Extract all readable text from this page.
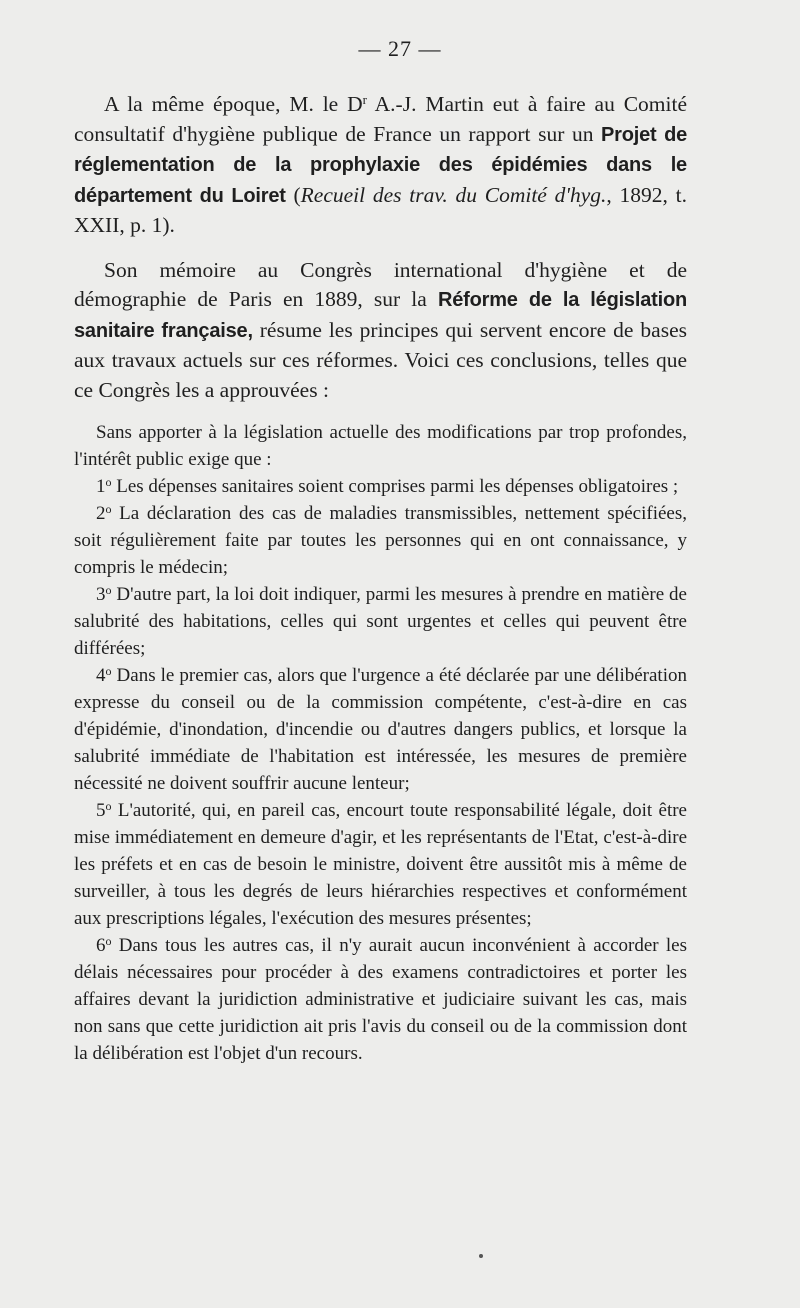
— 27 —

A la même époque, M. le $D^r$ A.-J. Martin eut à faire au Comité consultatif d'hygiène publique de France un rapport sur un Projet de réglementation de la prophylaxie des épidémies dans le département du Loiret (Recueil des trav. du Comité d'hyg., 1892, t. XXII, p. 1).

Son mémoire au Congrès international d'hygiène et de démographie de Paris en 1889, sur la Réforme de la législation sanitaire française, résume les principes qui servent encore de bases aux travaux actuels sur ces réformes. Voici ces conclusions, telles que ce Congrès les a approuvées :

Sans apporter à la législation actuelle des modifications par trop profondes, l'intérêt public exige que :

1$^o$ Les dépenses sanitaires soient comprises parmi les dépenses obligatoires ;

2$^o$ La déclaration des cas de maladies transmissibles, nettement spécifiées, soit régulièrement faite par toutes les personnes qui en ont connaissance, y compris le médecin;

3$^o$ D'autre part, la loi doit indiquer, parmi les mesures à prendre en matière de salubrité des habitations, celles qui sont urgentes et celles qui peuvent être différées;

4$^o$ Dans le premier cas, alors que l'urgence a été déclarée par une délibération expresse du conseil ou de la commission compétente, c'est-à-dire en cas d'épidémie, d'inondation, d'incendie ou d'autres dangers publics, et lorsque la salubrité immédiate de l'habitation est intéressée, les mesures de première nécessité ne doivent souffrir aucune lenteur;

5$^o$ L'autorité, qui, en pareil cas, encourt toute responsabilité légale, doit être mise immédiatement en demeure d'agir, et les représentants de l'Etat, c'est-à-dire les préfets et en cas de besoin le ministre, doivent être aussitôt mis à même de surveiller, à tous les degrés de leurs hiérarchies respectives et conformément aux prescriptions légales, l'exécution des mesures présentes;

6$^o$ Dans tous les autres cas, il n'y aurait aucun inconvénient à accorder les délais nécessaires pour procéder à des examens contradictoires et porter les affaires devant la juridiction administrative et judiciaire suivant les cas, mais non sans que cette juridiction ait pris l'avis du conseil ou de la commission dont la délibération est l'objet d'un recours.
